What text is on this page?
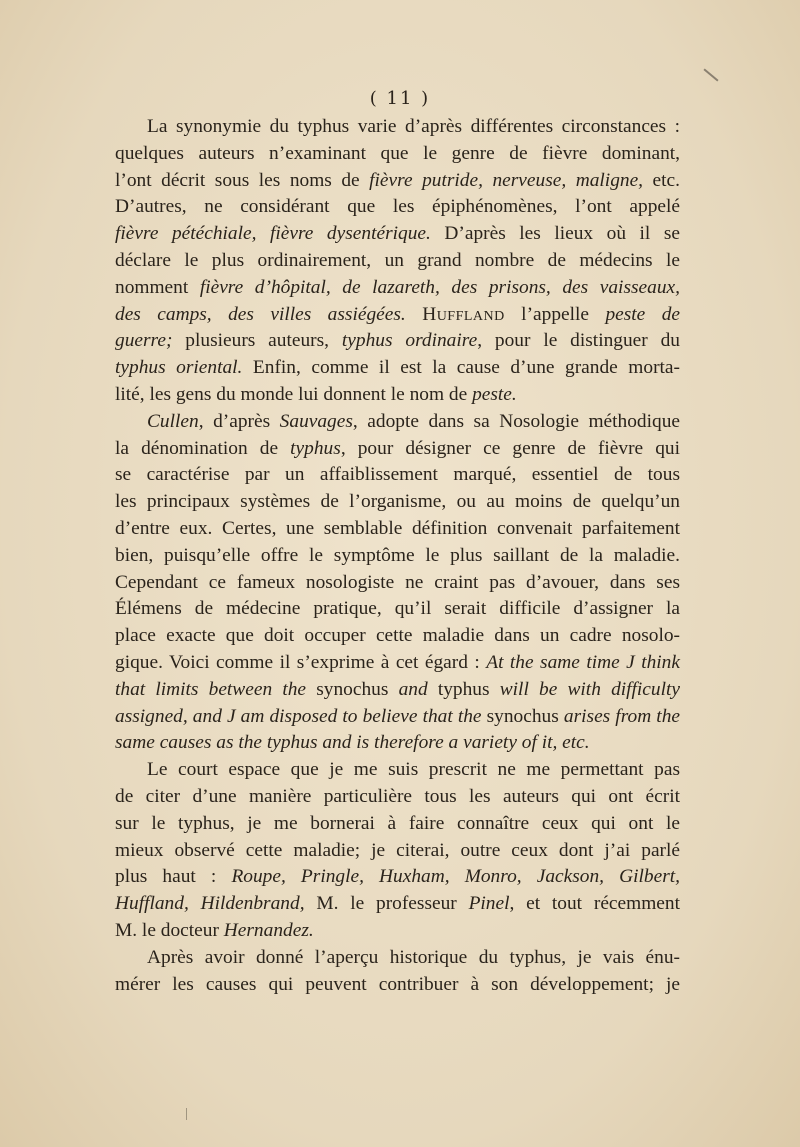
( 11 )
La synonymie du typhus varie d’après différentes circonstances :
quelques auteurs n’examinant que le genre de fièvre dominant,
l’ont décrit sous les noms de fièvre putride, nerveuse, maligne, etc.
D’autres, ne considérant que les épiphénomènes, l’ont appelé
fièvre pétéchiale, fièvre dysentérique. D’après les lieux où il se
déclare le plus ordinairement, un grand nombre de médecins le
nomment fièvre d’hôpital, de lazareth, des prisons, des vaisseaux,
des camps, des villes assiégées. Huffland l’appelle peste de
guerre; plusieurs auteurs, typhus ordinaire, pour le distinguer du
typhus oriental. Enfin, comme il est la cause d’une grande morta-
lité, les gens du monde lui donnent le nom de peste.
Cullen, d’après Sauvages, adopte dans sa Nosologie méthodique
la dénomination de typhus, pour désigner ce genre de fièvre qui
se caractérise par un affaiblissement marqué, essentiel de tous
les principaux systèmes de l’organisme, ou au moins de quelqu’un
d’entre eux. Certes, une semblable définition convenait parfaitement
bien, puisqu’elle offre le symptôme le plus saillant de la maladie.
Cependant ce fameux nosologiste ne craint pas d’avouer, dans ses
Élémens de médecine pratique, qu’il serait difficile d’assigner la
place exacte que doit occuper cette maladie dans un cadre nosolo-
gique. Voici comme il s’exprime à cet égard : At the same time J think
that limits between the synochus and typhus will be with difficulty
assigned, and J am disposed to believe that the synochus arises from the
same causes as the typhus and is therefore a variety of it, etc.
Le court espace que je me suis prescrit ne me permettant pas
de citer d’une manière particulière tous les auteurs qui ont écrit
sur le typhus, je me bornerai à faire connaître ceux qui ont le
mieux observé cette maladie; je citerai, outre ceux dont j’ai parlé
plus haut : Roupe, Pringle, Huxham, Monro, Jackson, Gilbert,
Huffland, Hildenbrand, M. le professeur Pinel, et tout récemment
M. le docteur Hernandez.
Après avoir donné l’aperçu historique du typhus, je vais énu-
mérer les causes qui peuvent contribuer à son développement; je
